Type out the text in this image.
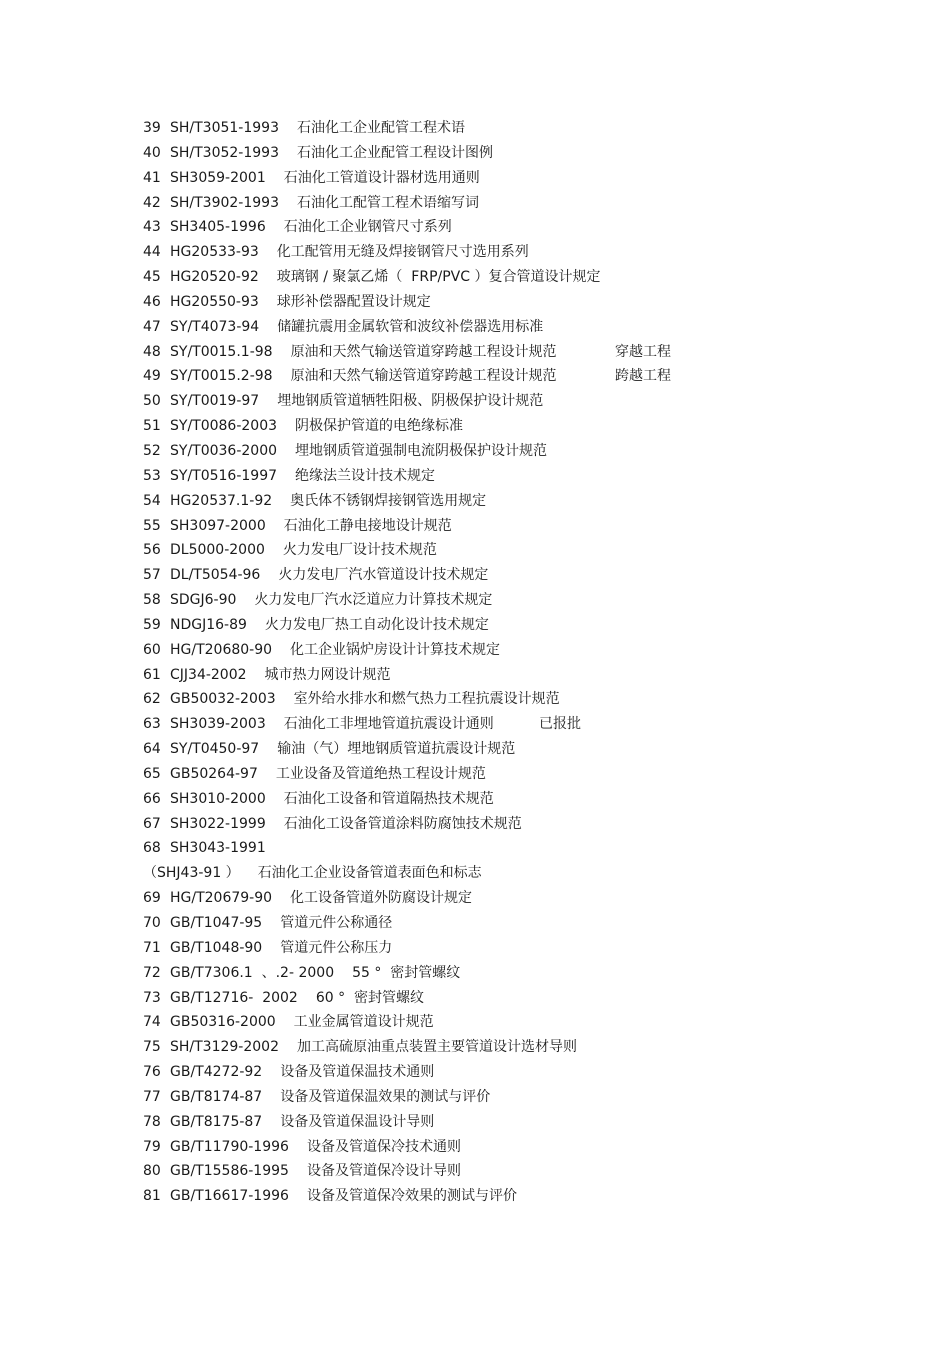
39 SH/T3051-1993 石油化工企业配管工程术语
40 SH/T3052-1993 石油化工企业配管工程设计图例
41 SH3059-2001 石油化工管道设计器材选用通则
42 SH/T3902-1993 石油化工配管工程术语缩写词
43 SH3405-1996 石油化工企业钢管尺寸系列
44 HG20533-93 化工配管用无缝及焊接钢管尺寸选用系列
45 HG20520-92 玻璃钢 / 聚氯乙烯（  FRP/PVC ）复合管道设计规定
46 HG20550-93 球形补偿器配置设计规定
47 SY/T4073-94 储罐抗震用金属软管和波纹补偿器选用标准
48 SY/T0015.1-98 原油和天然气输送管道穿跨越工程设计规范	穿越工程
49 SY/T0015.2-98 原油和天然气输送管道穿跨越工程设计规范	跨越工程
50 SY/T0019-97 埋地钢质管道牺牲阳极、阴极保护设计规范
51 SY/T0086-2003 阴极保护管道的电绝缘标准
52 SY/T0036-2000 埋地钢质管道强制电流阴极保护设计规范
53 SY/T0516-1997 绝缘法兰设计技术规定
54 HG20537.1-92 奥氏体不锈钢焊接钢管选用规定
55 SH3097-2000 石油化工静电接地设计规范
56 DL5000-2000 火力发电厂设计技术规范
57 DL/T5054-96 火力发电厂汽水管道设计技术规定
58 SDGJ6-90 火力发电厂汽水泛道应力计算技术规定
59 NDGJ16-89 火力发电厂热工自动化设计技术规定
60 HG/T20680-90 化工企业锅炉房设计计算技术规定
61 CJJ34-2002 城市热力网设计规范
62 GB50032-2003 室外给水排水和燃气热力工程抗震设计规范
63 SH3039-2003 石油化工非埋地管道抗震设计通则	已报批
64 SY/T0450-97 输油（气）埋地钢质管道抗震设计规范
65 GB50264-97 工业设备及管道绝热工程设计规范
66 SH3010-2000 石油化工设备和管道隔热技术规范
67 SH3022-1999 石油化工设备管道涂料防腐蚀技术规范
68 SH3043-1991
（SHJ43-91 ） 石油化工企业设备管道表面色和标志
69 HG/T20679-90 化工设备管道外防腐设计规定
70 GB/T1047-95 管道元件公称通径
71 GB/T1048-90 管道元件公称压力
72 GB/T7306.1  、.2- 2000 55 °  密封管螺纹
73 GB/T12716-  2002 60 °  密封管螺纹
74 GB50316-2000 工业金属管道设计规范
75 SH/T3129-2002 加工高硫原油重点装置主要管道设计选材导则
76 GB/T4272-92 设备及管道保温技术通则
77 GB/T8174-87 设备及管道保温效果的测试与评价
78 GB/T8175-87 设备及管道保温设计导则
79 GB/T11790-1996 设备及管道保冷技术通则
80 GB/T15586-1995 设备及管道保冷设计导则
81 GB/T16617-1996 设备及管道保冷效果的测试与评价
